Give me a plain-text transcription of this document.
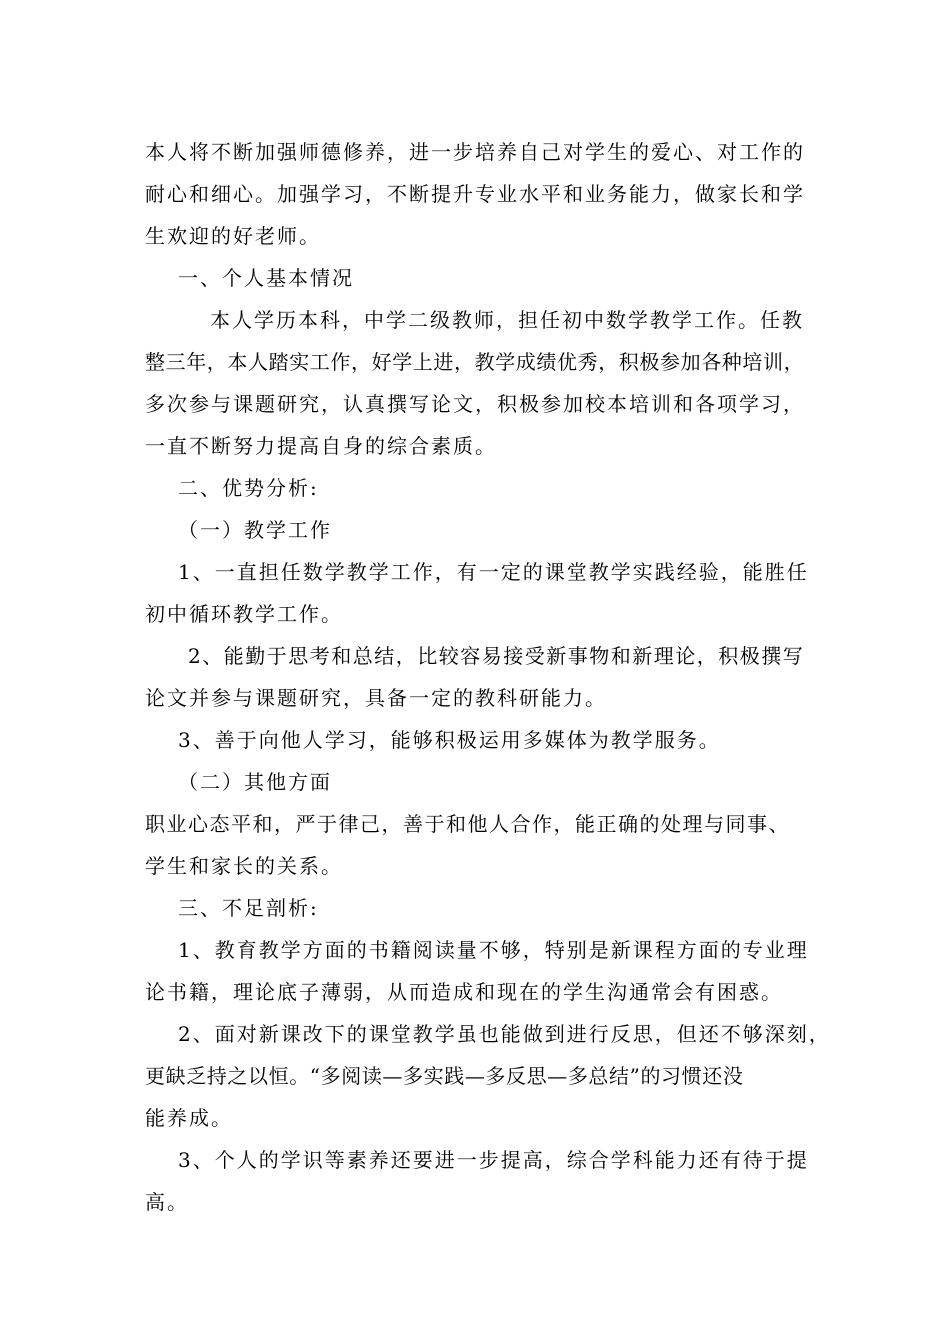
本人将不断加强师德修养，进一步培养自己对学生的爱心、对工作的
耐心和细心。加强学习，不断提升专业水平和业务能力，做家长和学
生欢迎的好老师。
一、个人基本情况
本人学历本科，中学二级教师，担任初中数学教学工作。任教
整三年，本人踏实工作，好学上进，教学成绩优秀，积极参加各种培训，
多次参与课题研究，认真撰写论文，积极参加校本培训和各项学习，
一直不断努力提高自身的综合素质。
二、优势分析:
（一）教学工作
1、一直担任数学教学工作，有一定的课堂教学实践经验，能胜任
初中循环教学工作。
2、能勤于思考和总结，比较容易接受新事物和新理论，积极撰写
论文并参与课题研究，具备一定的教科研能力。
3、善于向他人学习，能够积极运用多媒体为教学服务。
（二）其他方面
职业心态平和，严于律己，善于和他人合作，能正确的处理与同事、
学生和家长的关系。
三、不足剖析:
1、教育教学方面的书籍阅读量不够，特别是新课程方面的专业理
论书籍，理论底子薄弱，从而造成和现在的学生沟通常会有困惑。
2、面对新课改下的课堂教学虽也能做到进行反思，但还不够深刻，
更缺乏持之以恒。“多阅读—多实践—多反思—多总结”的习惯还没
能养成。
3、个人的学识等素养还要进一步提高，综合学科能力还有待于提
高。
